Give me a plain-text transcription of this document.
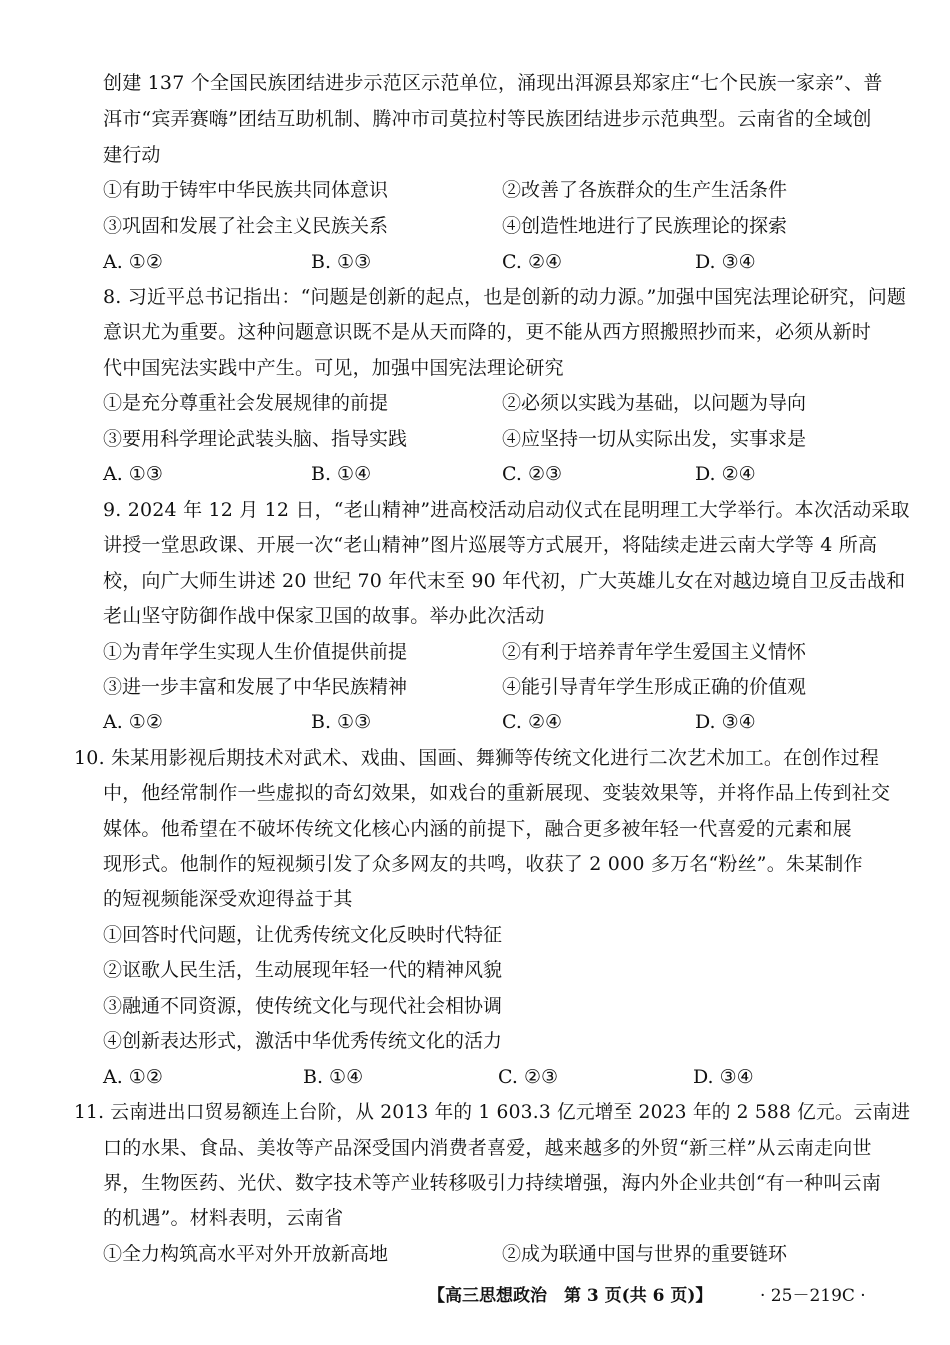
创建 137 个全国民族团结进步示范区示范单位，涌现出洱源县郑家庄“七个民族一家亲”、普
洱市“宾弄赛嗨”团结互助机制、腾冲市司莫拉村等民族团结进步示范典型。云南省的全域创
建行动
①有助于铸牢中华民族共同体意识	②改善了各族群众的生产生活条件
③巩固和发展了社会主义民族关系	④创造性地进行了民族理论的探索
A. ①②	B. ①③	C. ②④	D. ③④
8. 习近平总书记指出：“问题是创新的起点，也是创新的动力源。”加强中国宪法理论研究，问题
意识尤为重要。这种问题意识既不是从天而降的，更不能从西方照搬照抄而来，必须从新时
代中国宪法实践中产生。可见，加强中国宪法理论研究
①是充分尊重社会发展规律的前提	②必须以实践为基础，以问题为导向
③要用科学理论武装头脑、指导实践	④应坚持一切从实际出发，实事求是
A. ①③	B. ①④	C. ②③	D. ②④
9. 2024 年 12 月 12 日，“老山精神”进高校活动启动仪式在昆明理工大学举行。本次活动采取
讲授一堂思政课、开展一次“老山精神”图片巡展等方式展开，将陆续走进云南大学等 4 所高
校，向广大师生讲述 20 世纪 70 年代末至 90 年代初，广大英雄儿女在对越边境自卫反击战和
老山坚守防御作战中保家卫国的故事。举办此次活动
①为青年学生实现人生价值提供前提	②有利于培养青年学生爱国主义情怀
③进一步丰富和发展了中华民族精神	④能引导青年学生形成正确的价值观
A. ①②	B. ①③	C. ②④	D. ③④
10. 朱某用影视后期技术对武术、戏曲、国画、舞狮等传统文化进行二次艺术加工。在创作过程
中，他经常制作一些虚拟的奇幻效果，如戏台的重新展现、变装效果等，并将作品上传到社交
媒体。他希望在不破坏传统文化核心内涵的前提下，融合更多被年轻一代喜爱的元素和展
现形式。他制作的短视频引发了众多网友的共鸣，收获了 2 000 多万名“粉丝”。朱某制作
的短视频能深受欢迎得益于其
①回答时代问题，让优秀传统文化反映时代特征
②讴歌人民生活，生动展现年轻一代的精神风貌
③融通不同资源，使传统文化与现代社会相协调
④创新表达形式，激活中华优秀传统文化的活力
A. ①②	B. ①④	C. ②③	D. ③④
11. 云南进出口贸易额连上台阶，从 2013 年的 1 603.3 亿元增至 2023 年的 2 588 亿元。云南进
口的水果、食品、美妆等产品深受国内消费者喜爱，越来越多的外贸“新三样”从云南走向世
界，生物医药、光伏、数字技术等产业转移吸引力持续增强，海内外企业共创“有一种叫云南
的机遇”。材料表明，云南省
①全力构筑高水平对外开放新高地	②成为联通中国与世界的重要链环
【高三思想政治　第 3 页(共 6 页)】	· 25－219C ·
